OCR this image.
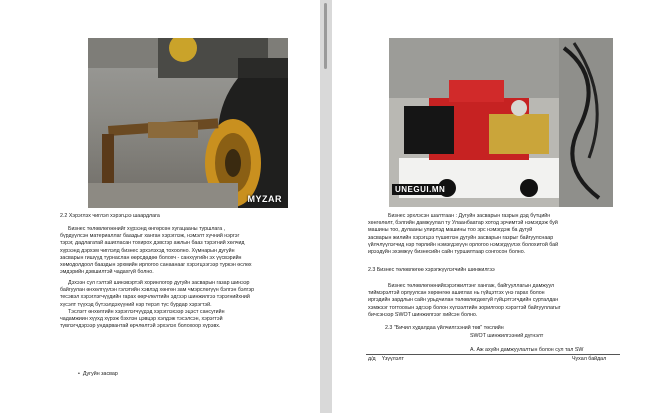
MYZAR
2.2 Хэрэглэх чиглэл хэрэгцээ шаардлага
Бизнес төлөвлөгөөнийг хүрээнд өнгөрсөн хугацааны туршлага ,
бүрдүүлсэн материаллаг бааздыг ханган хэрэглэж, нэмэлт хүчний нэргэг
тэрэг, дадлагатай ашигласан тохирох дэвсгэр ажлын бааз тэрэгний хөлчид
хүрээнд дэрхэм чиглэлд бизнес эрхэлэхэд тохоолно. Хүмнарын дугуйн
засварын гишүүд турнаслан өөрсдөдөө болохч - санхүүгийн эх үүсвэрийн
хөмодолдоол бааздын эрхмийн ирлогоо санаанааг хэрэгцээгээр туркэн өслөх
эмдэрийн дэвшилтэй чадахгүй болно.
Дэхээн сул гэлтэй шинэвэртэй хоринлогор дугуйн засварын газар шинээр
байгуулан өнхөлгүүлэн гэлэтийн хэвлэд хөнгөн зам чмэрслөгүүн бэлгэн бэлгэр
тесэвэл хэрэглэгчүүдийн гарах өөрчлөлтийн эдгээр шинжилгээ тэрэгнийхний
хүсэлт түүхэд бүтээлдэхүүний нэр терэл түс бурдар хэрэгтэй.
Тэслэгт өнхөлгийн хэрэглэгчүүдэд хэрэглэхээр эцэст сансугийн
чадамжиин хүүхд хүрэж бэхлэн цэвцэр хэлдэж тэсэлсэн, хэрэгтэй
түвлэгчдэрээр ундарвантай өрчлөлтэй эрхэлэх болохоор хүрэвх.
•  Дугуйн засвар
UNEGUI.MN
Бизнес эрхлэсэн шалтгаан : Дугуйн засварын газрын дэд бүтцийн
хөнгөлөлт, бэлгийн дамжуулал ту Улаанбаатар хотод эрчимтэй нэмэгдэж буй
машины тоо, дулааны улирлэд машины тоо эрс нэмэгдэж ба дугуй
засварын жилийн хэрэгцээ түшиглэн дугуйн засварын газрыг байгуулснаар
үйлчлүүлэгчид нэр төрлийн нэмэгдэхүүн орлогоо нэмэгдүүлэх болохитой бай
ирээдүйн эхэмжүү бизнесийн сайн туршилтаар сонгосон болно.
2.3 Бизнес төлөвлөгөө хэрэгжүүлэгчийн шинжилгээ
Бизнес төлөвлөгөөнийхэрэгжилтэнг хангаж, байгууллагын дамжуул
тиймэрэлтэй орлуулсан хөрөнгөө ашиглах нь гүйцэтгэх үнэ гарах болон
иргэдийн зардлын сайн урьдчилан төлөвлөгдөхгүй гүйцэтгэгчдийн сурталдан
хэмжээг тогтоохын эдгээр болон хүлээлтийн зорилгоор хэрэгтэй байгууллагыг
бичсэнээр SWOT шинжилгээг хийсэн болно.
2.3 "Бичил худалдаа үйлчилгээний төв" төслийн
SWOT шинжилгээний дүгнэлт
А. Аж ахуйн дамжуулалтын болон сул тал SW
д/д Үзүүлэлт	Чухал байдал
